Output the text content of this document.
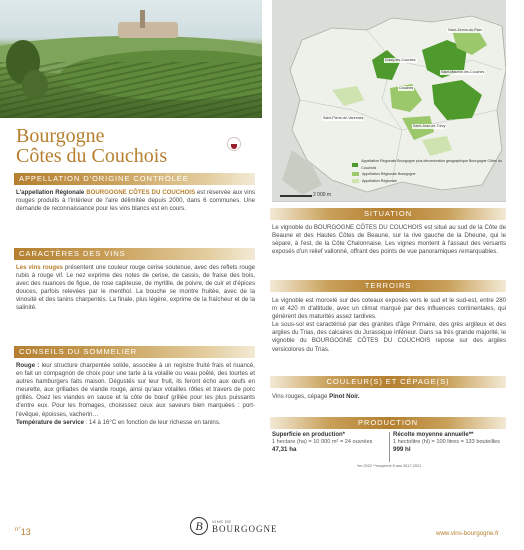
Bourgogne
Côtes du Couchois
APPELLATION D'ORIGINE CONTRÔLÉE
L'appellation Régionale BOURGOGNE CÔTES DU COUCHOIS est réservée aux vins rouges produits à l'intérieur de l'aire délimitée depuis 2000, dans 6 communes. Une demande de reconnaissance pour les vins blancs est en cours.
CARACTÈRES DES VINS
Les vins rouges présentent une couleur rouge cerise soutenue, avec des reflets rouge rubis à rouge vif. Le nez exprime des notes de cerise, de cassis, de fraise des bois, avec des nuances de figue, de rose capiteuse, de myrtille, de poivre, de cuir et d'épices douces, parfois relevées par le menthol. La bouche se montre fruitée, avec de la vinosité et des tanins charpentés. La finale, plus légère, exprime de la fraîcheur et de la salinité.
CONSEILS DU SOMMELIER
Rouge : leur structure charpentée solide, associée à un registre fruité frais et nuancé, en fait un compagnon de choix pour une tarte à la volaille ou veau poêlé, des tourtes et autres hamburgers faits maison. Dégustés sur leur fruit, ils feront écho aux œufs en meurette, aux grillades de viande rouge, ainsi qu'aux volailles rôties et travers de porc grillés. Osez les viandes en sauce et la côte de bœuf grillée pour les plus puissants d'entre eux. Pour les fromages, choisissez ceux aux saveurs bien marquées : port-l'évêque, époisses, vacherin…
Température de service : 14 à 16°C en fonction de leur richesse en tanins.
Saint-Sernin-du-Plain
Dracy-lès-Couches
Couches
Saint-Maurice-lès-Couches
Saint-Pierre-de-Varennes
Saint-Jean-de-Trézy
Appellation Régionale Bourgogne plus dénomination géographique Bourgogne Côtes du Couchois
Appellation Régionale Bourgogne
Appellation Régionale
2 000 m
SITUATION
Le vignoble du BOURGOGNE CÔTES DU COUCHOIS est situé au sud de la Côte de Beaune et des Hautes Côtes de Beaune, sur la rive gauche de la Dheune, qui le sépare, à l'est, de la Côte Chalonnaise. Les vignes montent à l'assaut des versants exposés d'un relief vallonné, offrant des points de vue panoramiques remarquables.
TERROIRS
Le vignoble est morcelé sur des coteaux exposés vers le sud et le sud-est, entre 280 m et 420 m d'altitude, avec un climat marqué par des influences continentales, qui génèrent des maturités assez tardives.
Le sous-sol est caractérisé par des granites d'âge Primaire, des grès argileux et des argiles du Trias, des calcaires du Jurassique inférieur. Dans sa très grande majorité, le vignoble du BOURGOGNE CÔTES DU COUCHOIS repose sur des argiles versicolores du Trias.
COULEUR(S) ET CÉPAGE(S)
Vins rouges, cépage Pinot Noir.
PRODUCTION
Superficie en production*
1 hectare (ha) = 10 000 m² = 24 ouvrées
47,31 ha
Récolte moyenne annuelle**
1 hectolitre (hl) = 100 litres = 133 bouteilles
999 hl
*en 2022 **moyenne 5 ans 2017-2021
$^{n^\circ}$13	B	VINS DE
BOURGOGNE	www.vins-bourgogne.fr
